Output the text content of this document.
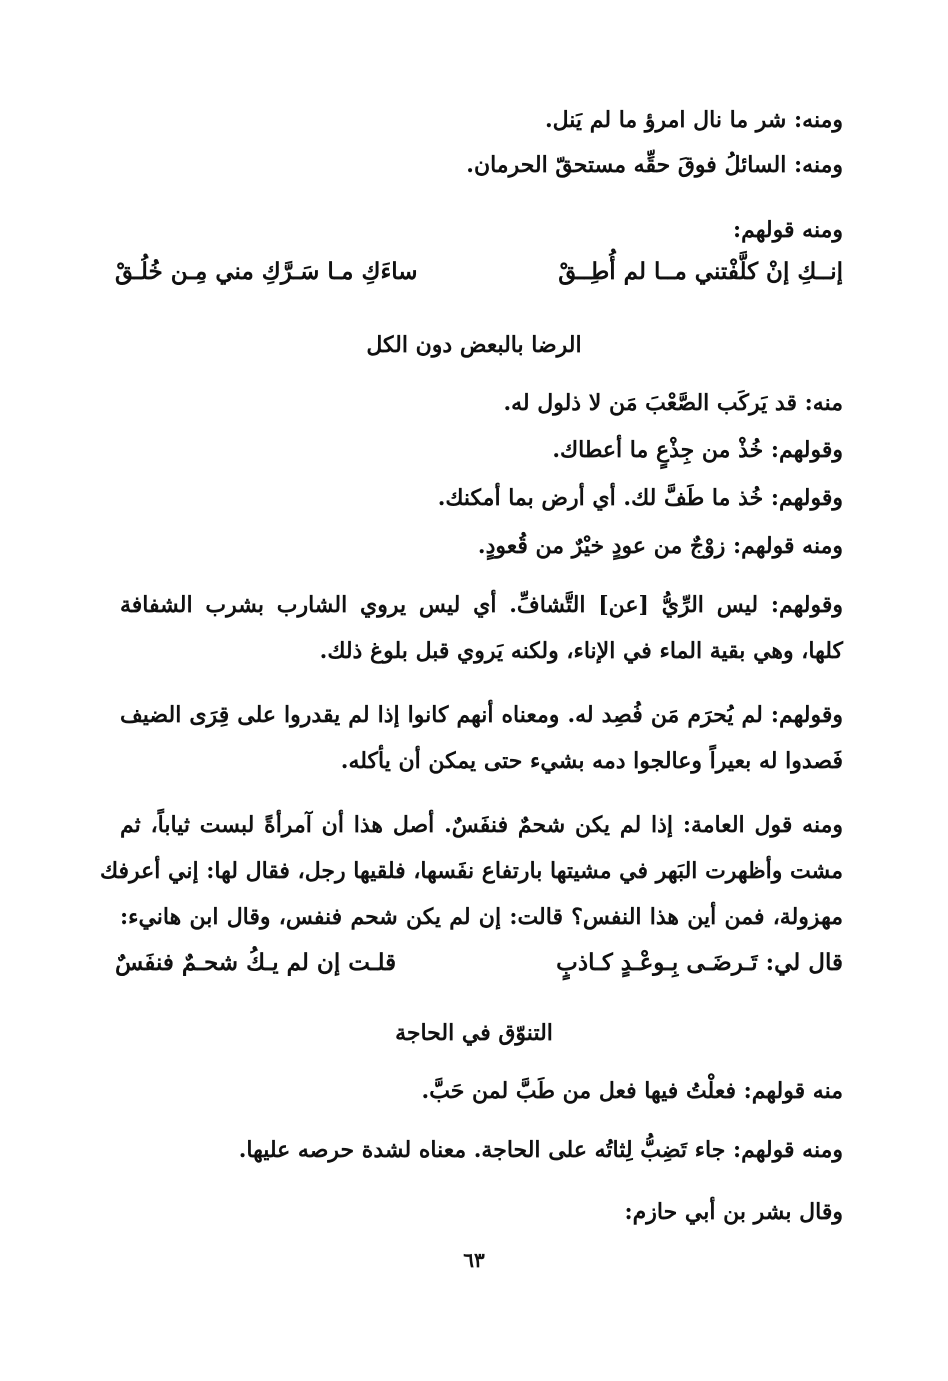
ومنه: شر ما نال امرؤ ما لم يَنل.
ومنه: السائلُ فوقَ حقِّه مستحقّ الحرمان.
ومنه قولهم:
إنــكِ إنْ كلَّفْتني مــا لم أُطِــقْ
ساءَكِ مـا سَـرَّكِ مني مِـن خُلُـقْ
الرضا بالبعض دون الكل
منه: قد يَركَب الصَّعْبَ مَن لا ذلول له.
وقولهم: خُذْ من جِذْعٍ ما أعطاك.
وقولهم: خُذ ما طَفَّ لك. أي أرض بما أمكنك.
ومنه قولهم: زوْجٌ من عودٍ خيْرٌ من قُعودٍ.
وقولهم: ليس الرِّيُّ [عن] التَّشافِّ. أي ليس يروي الشارب بشرب الشفافة
كلها، وهي بقية الماء في الإناء، ولكنه يَروي قبل بلوغ ذلك.
وقولهم: لم يُحرَم مَن فُصِد له. ومعناه أنهم كانوا إذا لم يقدروا على قِرَى الضيف
فَصدوا له بعيراً وعالجوا دمه بشيء حتى يمكن أن يأكله.
ومنه قول العامة: إذا لم يكن شحمٌ فنفَسٌ. أصل هذا أن آمرأةً لبست ثياباً، ثم
مشت وأظهرت البَهر في مشيتها بارتفاع نفَسها، فلقيها رجل، فقال لها: إني أعرفك
مهزولة، فمن أين هذا النفس؟ قالت: إن لم يكن شحم فنفس، وقال ابن هانيء:
قال لي: تَـرضَـى بِـوعْـدٍ كـاذبٍ
قلـت إن لم يـكُ شحـمٌ فنفَسٌ
التنوّق في الحاجة
منه قولهم: فعلْتُ فيها فعل من طَبَّ لمن حَبَّ.
ومنه قولهم: جاء تَضِبُّ لِثاتُه على الحاجة. معناه لشدة حرصه عليها.
وقال بشر بن أبي حازم:
٦٣
